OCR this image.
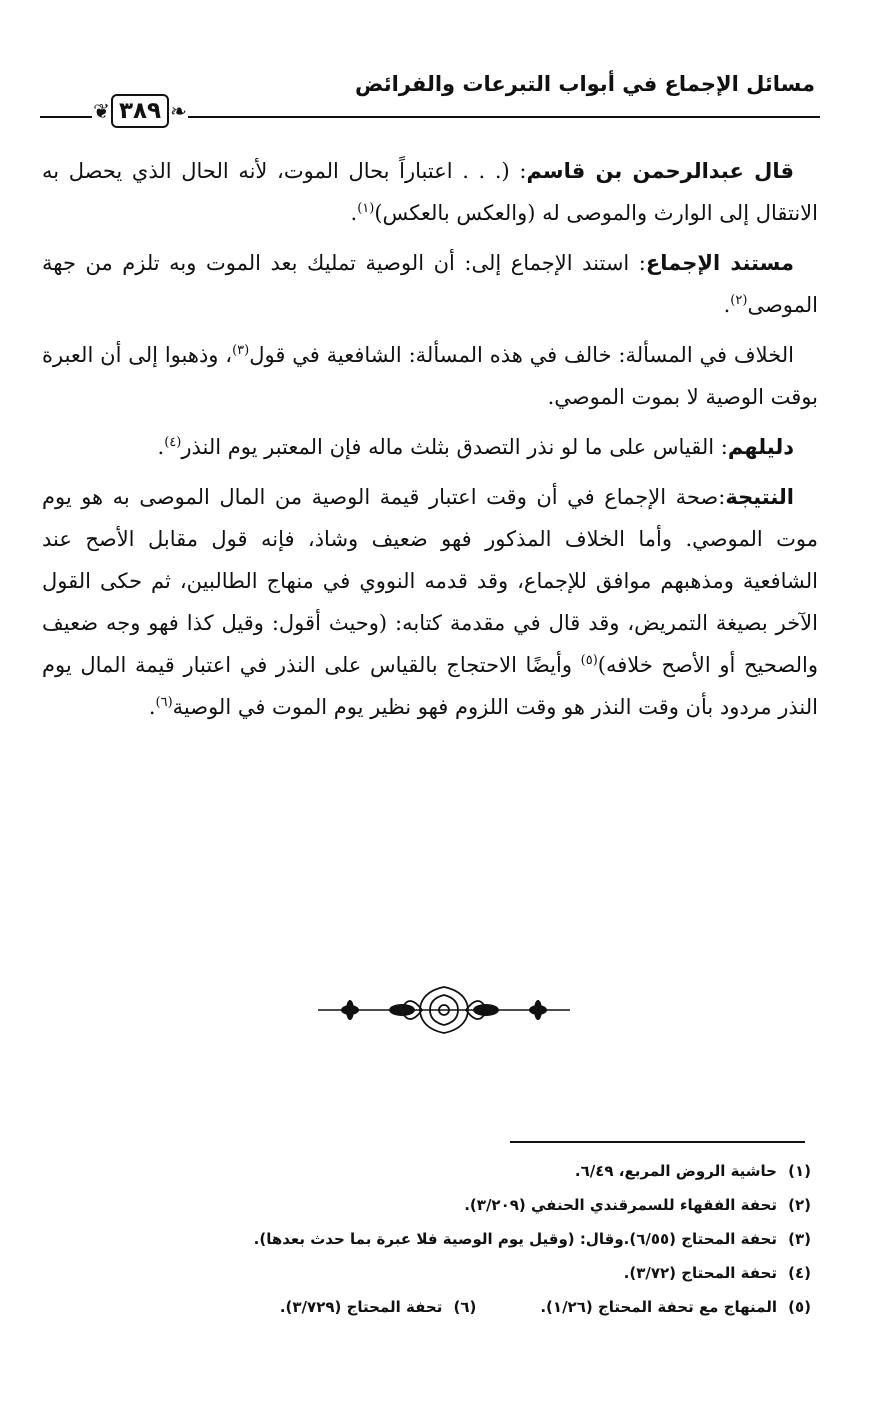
مسائل الإجماع في أبواب التبرعات والفرائض
❦ ٣٨٩ ❧

قال عبدالرحمن بن قاسم: (. . . اعتباراً بحال الموت، لأنه الحال الذي يحصل به الانتقال إلى الوارث والموصى له (والعكس بالعكس)$^{(١)}$.

مستند الإجماع: استند الإجماع إلى: أن الوصية تمليك بعد الموت وبه تلزم من جهة الموصى$^{(٢)}$.

الخلاف في المسألة: خالف في هذه المسألة: الشافعية في قول$^{(٣)}$، وذهبوا إلى أن العبرة بوقت الوصية لا بموت الموصي.

دليلهم: القياس على ما لو نذر التصدق بثلث ماله فإن المعتبر يوم النذر$^{(٤)}$.

النتيجة:صحة الإجماع في أن وقت اعتبار قيمة الوصية من المال الموصى به هو يوم موت الموصي. وأما الخلاف المذكور فهو ضعيف وشاذ، فإنه قول مقابل الأصح عند الشافعية ومذهبهم موافق للإجماع، وقد قدمه النووي في منهاج الطالبين، ثم حكى القول الآخر بصيغة التمريض، وقد قال في مقدمة كتابه: (وحيث أقول: وقيل كذا فهو وجه ضعيف والصحيح أو الأصح خلافه)$^{(٥)}$ وأيضًا الاحتجاج بالقياس على النذر في اعتبار قيمة المال يوم النذر مردود بأن وقت النذر هو وقت اللزوم فهو نظير يوم الموت في الوصية$^{(٦)}$.

(١)
حاشية الروض المربع، ٦/٤٩.
(٢)
تحفة الفقهاء للسمرقندي الحنفي (٣/٢٠٩).
(٣)
تحفة المحتاج (٦/٥٥).وقال: (وقيل يوم الوصية فلا عبرة بما حدث بعدها).
(٤)
تحفة المحتاج (٣/٧٢).
(٥)المنهاج مع تحفة المحتاج (١/٢٦).
(٦)تحفة المحتاج (٣/٧٢٩).
